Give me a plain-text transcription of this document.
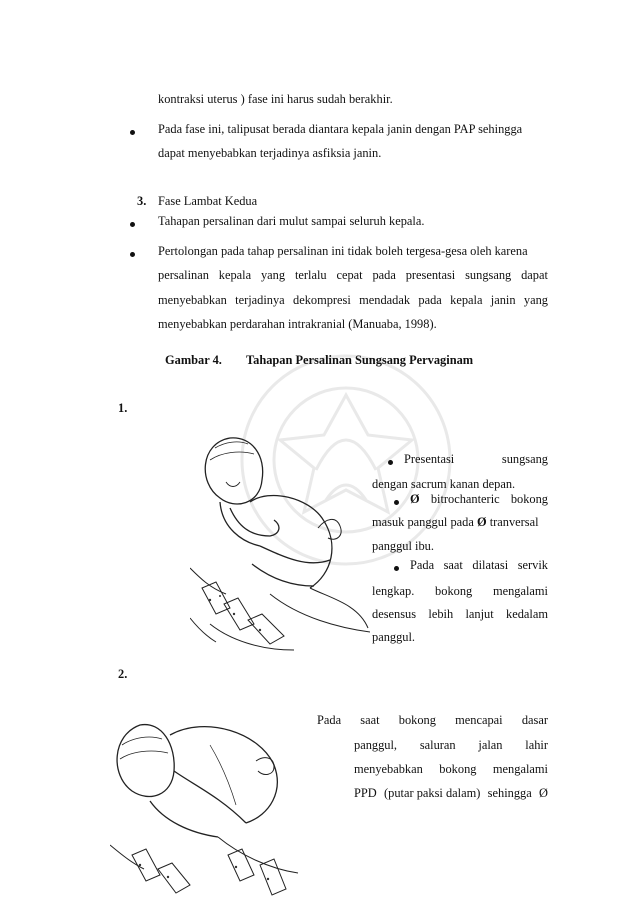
kontraksi uterus ) fase ini harus sudah berakhir.
Pada fase ini, talipusat berada diantara kepala janin dengan PAP sehingga
dapat menyebabkan terjadinya asfiksia janin.
3. Fase Lambat Kedua
Tahapan persalinan dari mulut sampai seluruh kepala.
Pertolongan pada tahap persalinan ini tidak boleh tergesa-gesa oleh karena
persalinan kepala yang terlalu cepat pada presentasi sungsang dapat
menyebabkan terjadinya dekompresi mendadak pada kepala janin yang
menyebabkan perdarahan intrakranial (Manuaba, 1998).
Gambar 4. Tahapan Persalinan Sungsang Pervaginam
1.
Presentasi	sungsang
dengan sacrum kanan depan.
Ø bitrochanteric bokong
masuk panggul pada Ø tranversal
panggul ibu.
Pada saat dilatasi servik
lengkap. bokong mengalami
desensus lebih lanjut kedalam
panggul.
2.
Pada saat bokong mencapai dasar
panggul, saluran jalan lahir
menyebabkan bokong mengalami
PPD (putar paksi dalam) sehingga Ø
